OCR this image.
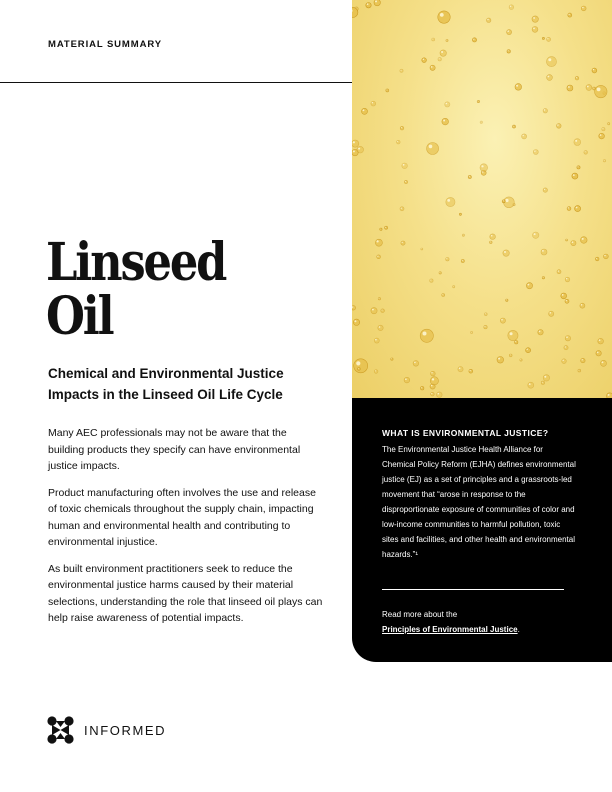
MATERIAL SUMMARY
Linseed
Oil
Chemical and Environmental Justice Impacts in the Linseed Oil Life Cycle

Many AEC professionals may not be aware that the building products they specify can have environmental justice impacts.

Product manufacturing often involves the use and release of toxic chemicals throughout the supply chain, impacting human and environmental health and contributing to environmental injustice.

As built environment practitioners seek to reduce the environmental justice harms caused by their material selections, understanding the role that linseed oil plays can help raise awareness of potential impacts.

WHAT IS ENVIRONMENTAL JUSTICE?
The Environmental Justice Health Alliance for Chemical Policy Reform (EJHA) defines environmental justice (EJ) as a set of principles and a grassroots-led movement that “arose in response to the disproportionate exposure of communities of color and low-income communities to harmful pollution, toxic sites and facilities, and other health and environmental hazards.”¹
Read more about the
Principles of Environmental Justice.
INFORMED
